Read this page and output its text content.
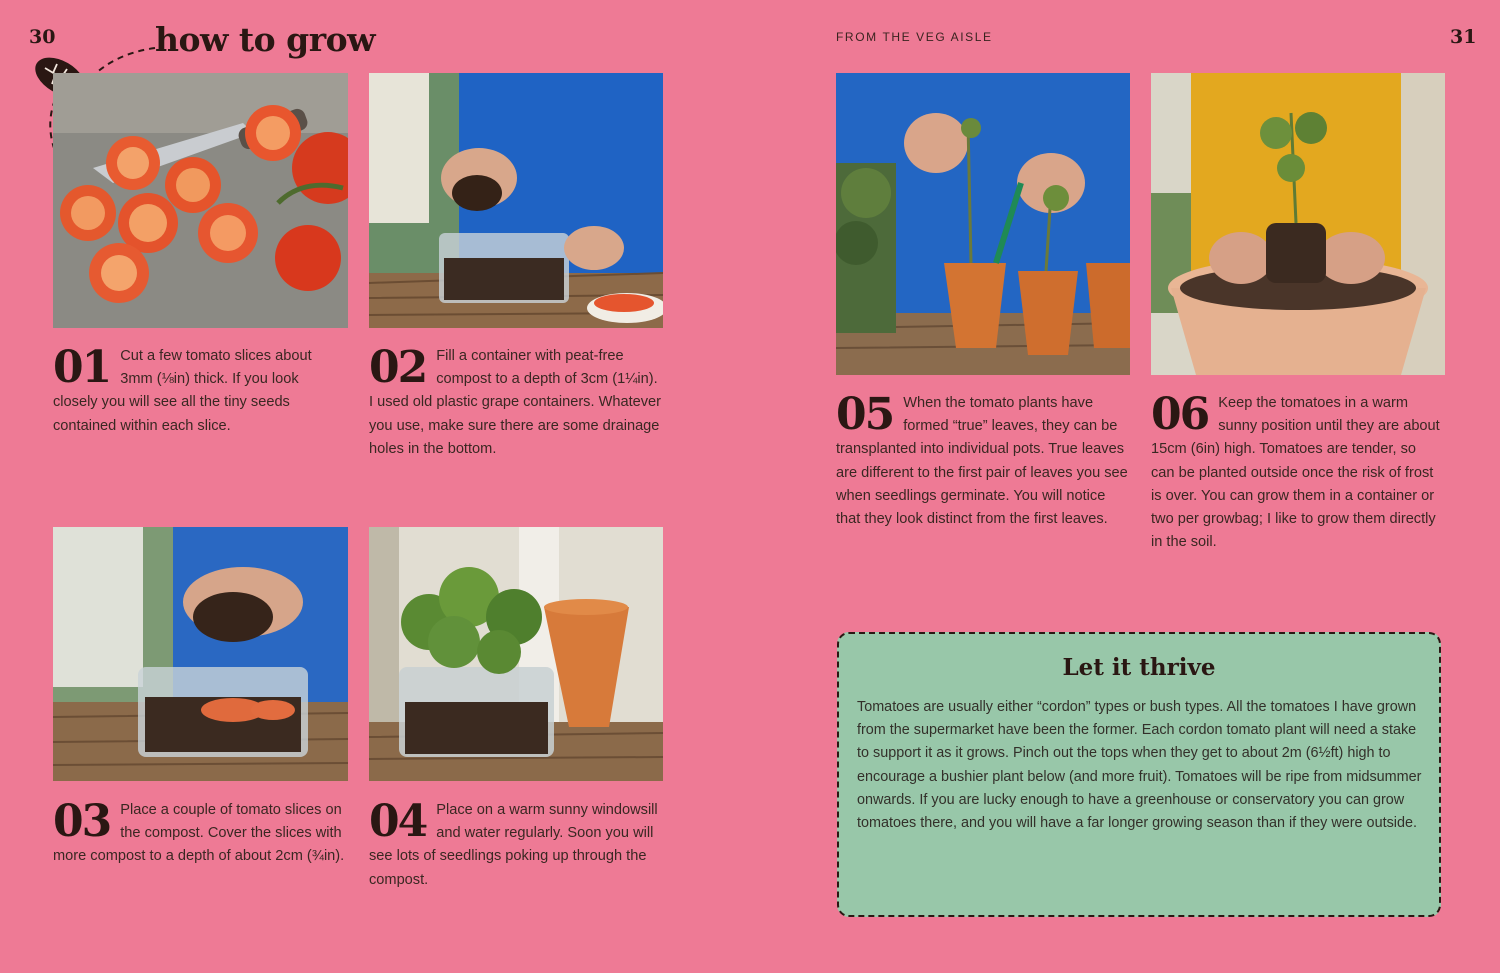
30	how to grow	FROM THE VEG AISLE	31
01 Cut a few tomato slices about 3mm (⅛in) thick. If you look closely you will see all the tiny seeds contained within each slice.
02 Fill a container with peat-free compost to a depth of 3cm (1¼in). I used old plastic grape containers. Whatever you use, make sure there are some drainage holes in the bottom.
03 Place a couple of tomato slices on the compost. Cover the slices with more compost to a depth of about 2cm (¾in).
04 Place on a warm sunny windowsill and water regularly. Soon you will see lots of seedlings poking up through the compost.
05 When the tomato plants have formed “true” leaves, they can be transplanted into individual pots. True leaves are different to the first pair of leaves you see when seedlings germinate. You will notice that they look distinct from the first leaves.
06 Keep the tomatoes in a warm sunny position until they are about 15cm (6in) high. Tomatoes are tender, so can be planted outside once the risk of frost is over. You can grow them in a container or two per growbag; I like to grow them directly in the soil.
Let it thrive
Tomatoes are usually either “cordon” types or bush types. All the tomatoes I have grown from the supermarket have been the former. Each cordon tomato plant will need a stake to support it as it grows. Pinch out the tops when they get to about 2m (6½ft) high to encourage a bushier plant below (and more fruit). Tomatoes will be ripe from midsummer onwards. If you are lucky enough to have a greenhouse or conservatory you can grow tomatoes there, and you will have a far longer growing season than if they were outside.
